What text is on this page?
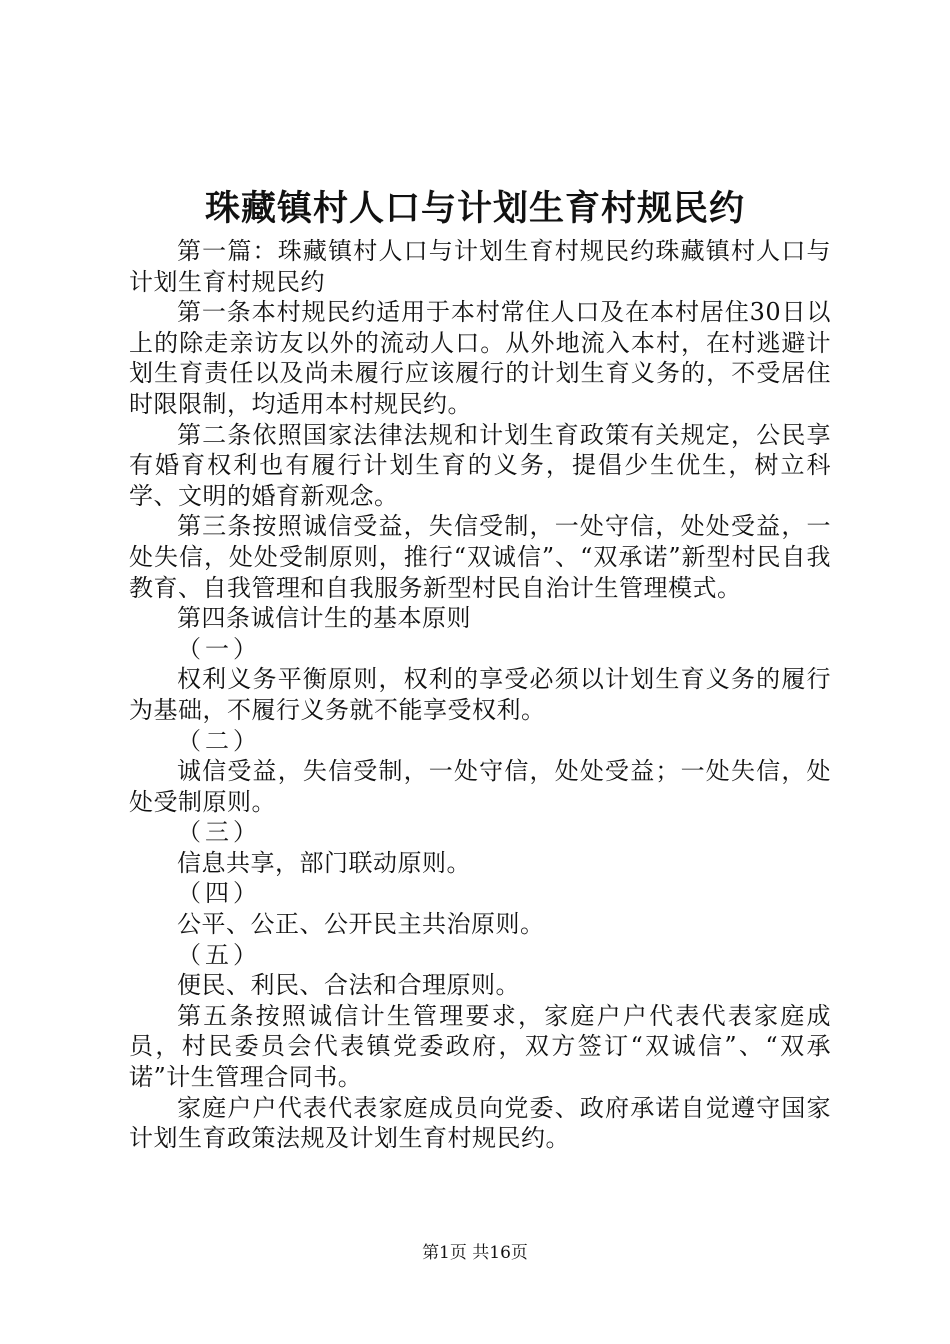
珠藏镇村人口与计划生育村规民约

第一篇：珠藏镇村人口与计划生育村规民约珠藏镇村人口与计划生育村规民约

第一条本村规民约适用于本村常住人口及在本村居住30日以上的除走亲访友以外的流动人口。从外地流入本村，在村逃避计划生育责任以及尚未履行应该履行的计划生育义务的，不受居住时限限制，均适用本村规民约。

第二条依照国家法律法规和计划生育政策有关规定，公民享有婚育权利也有履行计划生育的义务，提倡少生优生，树立科学、文明的婚育新观念。

第三条按照诚信受益，失信受制，一处守信，处处受益，一处失信，处处受制原则，推行“双诚信”、“双承诺”新型村民自我教育、自我管理和自我服务新型村民自治计生管理模式。

第四条诚信计生的基本原则

（一）

权利义务平衡原则，权利的享受必须以计划生育义务的履行为基础，不履行义务就不能享受权利。

（二）

诚信受益，失信受制，一处守信，处处受益；一处失信，处处受制原则。

（三）

信息共享，部门联动原则。

（四）

公平、公正、公开民主共治原则。

（五）

便民、利民、合法和合理原则。

第五条按照诚信计生管理要求，家庭户户代表代表家庭成员，村民委员会代表镇党委政府，双方签订“双诚信”、“双承诺”计生管理合同书。

家庭户户代表代表家庭成员向党委、政府承诺自觉遵守国家计划生育政策法规及计划生育村规民约。

第1页 共16页
